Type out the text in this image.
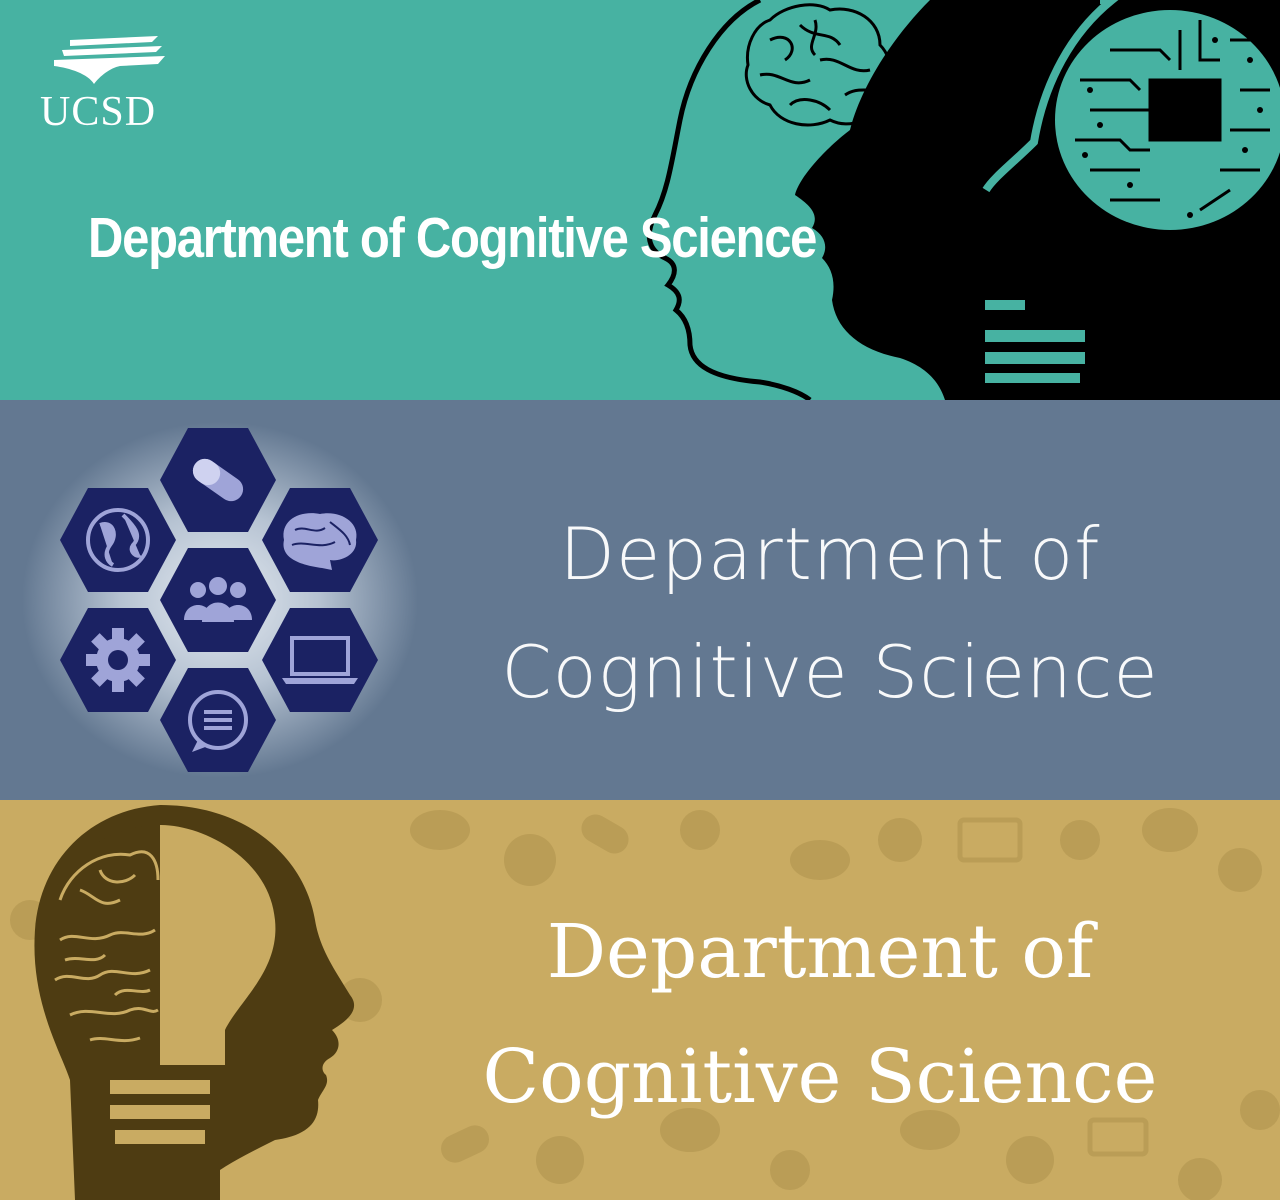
UCSD
Department of Cognitive Science
Department of
Cognitive Science
Department of
Cognitive Science
